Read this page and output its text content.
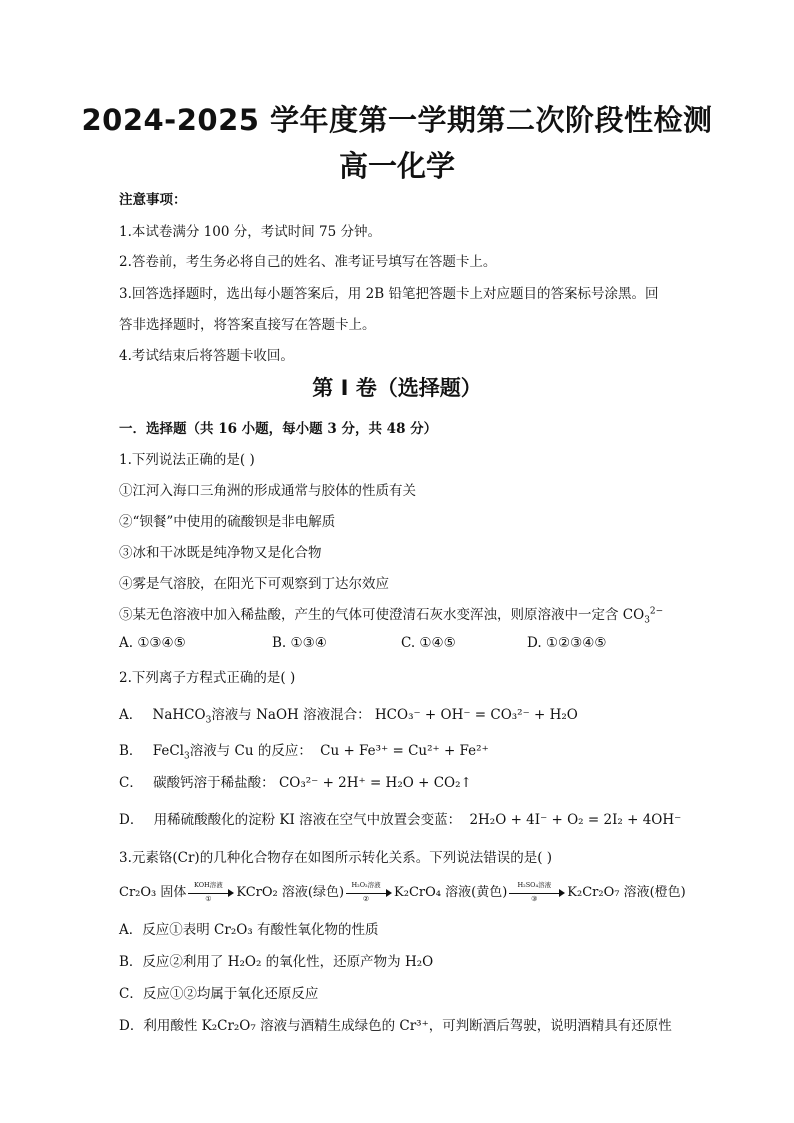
2024-2025 学年度第一学期第二次阶段性检测
高一化学
注意事项：
1.本试卷满分 100 分，考试时间 75 分钟。
2.答卷前，考生务必将自己的姓名、准考证号填写在答题卡上。
3.回答选择题时，选出每小题答案后，用 2B 铅笔把答题卡上对应题目的答案标号涂黑。回
答非选择题时，将答案直接写在答题卡上。
4.考试结束后将答题卡收回。
第 I 卷（选择题）
一．选择题（共 16 小题，每小题 3 分，共 48 分）
1.下列说法正确的是( )
①江河入海口三角洲的形成通常与胶体的性质有关
②“钡餐”中使用的硫酸钡是非电解质
③冰和干冰既是纯净物又是化合物
④雾是气溶胶，在阳光下可观察到丁达尔效应
⑤某无色溶液中加入稀盐酸，产生的气体可使澄清石灰水变浑浊，则原溶液中一定含 $CO_3^{2-}$
A. ①③④⑤	B. ①③④	C. ①④⑤	D. ①②③④⑤
2.下列离子方程式正确的是( )
A． NaHCO$_3$溶液与 NaOH 溶液混合： HCO₃⁻ + OH⁻ = CO₃²⁻ + H₂O
B． FeCl$_3$溶液与 Cu 的反应： Cu + Fe³⁺ = Cu²⁺ + Fe²⁺
C． 碳酸钙溶于稀盐酸： CO₃²⁻ + 2H⁺ = H₂O + CO₂↑
D． 用稀硫酸酸化的淀粉 KI 溶液在空气中放置会变蓝： 2H₂O + 4I⁻ + O₂ = 2I₂ + 4OH⁻
3.元素铬(Cr)的几种化合物存在如图所示转化关系。下列说法错误的是( )
Cr₂O₃ 固体
KOH溶液
①	KCrO₂ 溶液(绿色)
H₂O₂溶液
②	K₂CrO₄ 溶液(黄色)
H₂SO₄溶液
③	K₂Cr₂O₇ 溶液(橙色)
A．反应①表明 Cr₂O₃ 有酸性氧化物的性质
B．反应②利用了 H₂O₂ 的氧化性，还原产物为 H₂O
C．反应①②均属于氧化还原反应
D．利用酸性 K₂Cr₂O₇ 溶液与酒精生成绿色的 Cr³⁺，可判断酒后驾驶，说明酒精具有还原性
